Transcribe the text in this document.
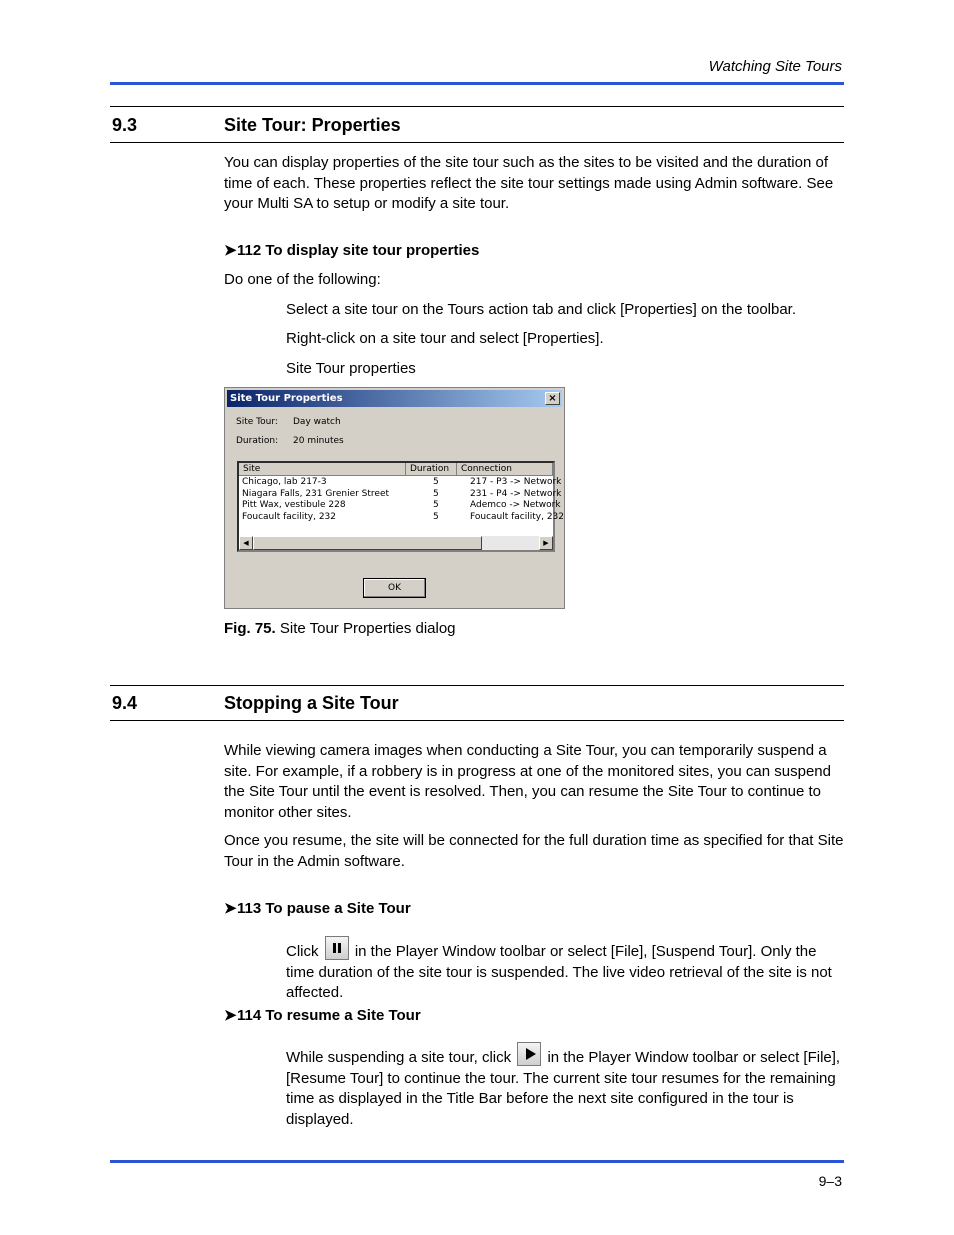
Watching Site Tours
9.3	Site Tour: Properties
You can display properties of the site tour such as the sites to be visited and the duration of time of each. These properties reflect the site tour settings made using Admin software. See your Multi SA to setup or modify a site tour.
➤112 To display site tour properties
Do one of the following:
Select a site tour on the Tours action tab and click [Properties] on the toolbar.
Right-click on a site tour and select [Properties].
Site Tour properties
Site Tour Properties	×
Site Tour: Day watch
Duration: 20 minutes
Site	Duration	Connection
Chicago, lab 217-3	5	217 - P3 -> Network
Niagara Falls, 231 Grenier Street	5	231 - P4 -> Network
Pitt Wax, vestibule 228	5	Ademco -> Network
Foucault facility, 232	5	Foucault facility, 232
◀	▶
OK
Fig. 75. Site Tour Properties dialog
9.4	Stopping a Site Tour
While viewing camera images when conducting a Site Tour, you can temporarily suspend a site. For example, if a robbery is in progress at one of the monitored sites, you can suspend the Site Tour until the event is resolved. Then, you can resume the Site Tour to continue to monitor other sites.
Once you resume, the site will be connected for the full duration time as specified for that Site Tour in the Admin software.
➤113 To pause a Site Tour
Click in the Player Window toolbar or select [File], [Suspend Tour]. Only the time duration of the site tour is suspended. The live video retrieval of the site is not affected.
➤114 To resume a Site Tour
While suspending a site tour, click in the Player Window toolbar or select [File], [Resume Tour] to continue the tour. The current site tour resumes for the remaining time as displayed in the Title Bar before the next site configured in the tour is displayed.
9–3
